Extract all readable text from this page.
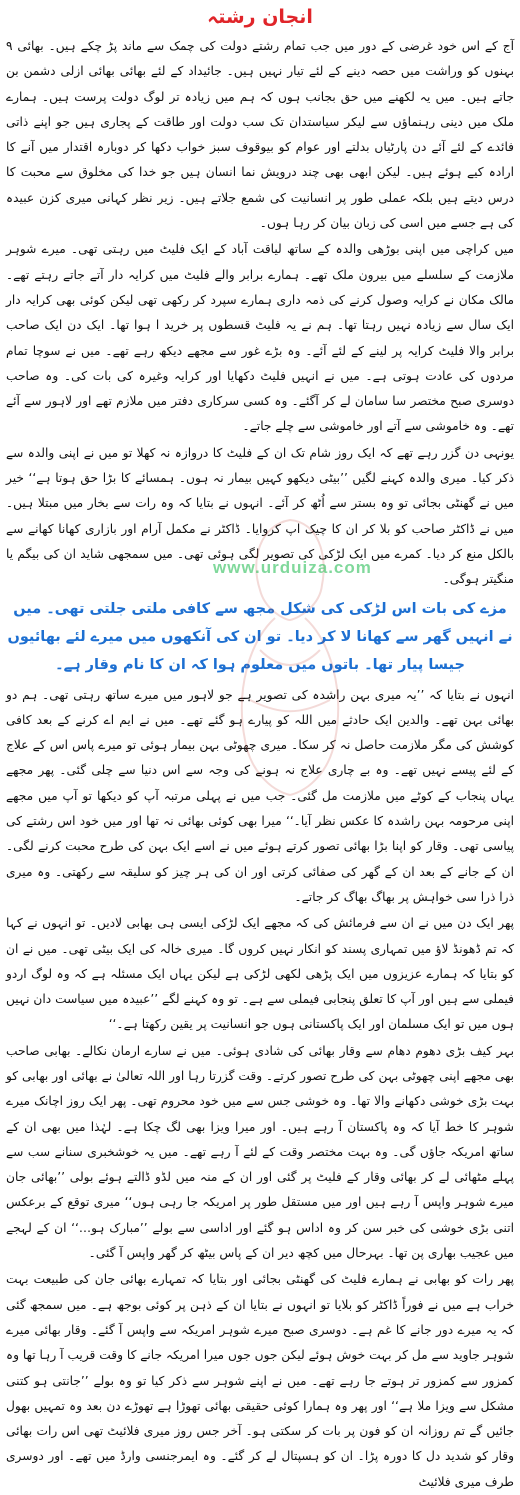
انجان رشتہ

آج کے اس خود غرضی کے دور میں جب تمام رشتے دولت کی چمک سے ماند پڑ چکے ہیں۔ بھائی ۹ بہنوں کو وراشت میں حصہ دینے کے لئے تیار نہیں ہیں۔ جائیداد کے لئے بھائی بھائی ازلی دشمن بن جاتے ہیں۔ میں یہ لکھنے میں حق بجانب ہوں کہ ہم میں زیادہ تر لوگ دولت پرست ہیں۔ ہمارے ملک میں دینی رہنماؤں سے لیکر سیاستدان تک سب دولت اور طاقت کے پجاری ہیں جو اپنے ذاتی فائدے کے لئے آئے دن پارٹیاں بدلتے اور عوام کو بیوقوف سبز خواب دکھا کر دوبارہ اقتدار میں آنے کا ارادہ کیے ہوئے ہیں۔ لیکن ابھی بھی چند درویش نما انسان ہیں جو خدا کی مخلوق سے محبت کا درس دیتے ہیں بلکہ عملی طور پر انسانیت کی شمع جلاتے ہیں۔ زیر نظر کہانی میری کزن عبیدہ کی ہے جسے میں اسی کی زبان بیان کر رہا ہوں۔

میں کراچی میں اپنی بوڑھی والدہ کے ساتھ لیاقت آباد کے ایک فلیٹ میں رہتی تھی۔ میرے شوہر ملازمت کے سلسلے میں بیرون ملک تھے۔ ہمارے برابر والے فلیٹ میں کرایہ دار آتے جاتے رہتے تھے۔ مالک مکان نے کرایہ وصول کرنے کی ذمہ داری ہمارے سپرد کر رکھی تھی لیکن کوئی بھی کرایہ دار ایک سال سے زیادہ نہیں رہتا تھا۔ ہم نے یہ فلیٹ قسطوں پر خرید ا ہوا تھا۔ ایک دن ایک صاحب برابر والا فلیٹ کرایہ پر لینے کے لئے آئے۔ وہ بڑے غور سے مجھے دیکھ رہے تھے۔ میں نے سوچا تمام مردوں کی عادت ہوتی ہے۔ میں نے انہیں فلیٹ دکھایا اور کرایہ وغیرہ کی بات کی۔ وہ صاحب دوسری صبح مختصر سا سامان لے کر آگئے۔ وہ کسی سرکاری دفتر میں ملازم تھے اور لاہور سے آئے تھے۔ وہ خاموشی سے آتے اور خاموشی سے چلے جاتے۔

یونہی دن گزر رہے تھے کہ ایک روز شام تک ان کے فلیٹ کا دروازہ نہ کھلا تو میں نے اپنی والدہ سے ذکر کیا۔ میری والدہ کہنے لگیں ’’بیٹی دیکھو کہیں بیمار نہ ہوں۔ ہمسائے کا بڑا حق ہوتا ہے‘‘ خیر میں نے گھنٹی بجائی تو وہ بستر سے اُٹھ کر آئے۔ انہوں نے بتایا کہ وہ رات سے بخار میں مبتلا ہیں۔ میں نے ڈاکٹر صاحب کو بلا کر ان کا چیک اپ کروایا۔ ڈاکٹر نے مکمل آرام اور بازاری کھانا کھانے سے بالکل منع کر دیا۔ کمرے میں ایک لڑکی کی تصویر لگی ہوئی تھی۔ میں سمجھی شاید ان کی بیگم یا منگیتر ہوگی۔

مزے کی بات اس لڑکی کی شکل مجھ سے کافی ملتی جلتی تھی۔ میں نے انہیں گھر سے کھانا لا کر دیا۔ تو ان کی آنکھوں میں میرے لئے بھائیوں جیسا پیار تھا۔ باتوں میں معلوم ہوا کہ ان کا نام وقار ہے۔

انہوں نے بتایا کہ ’’یہ میری بہن راشدہ کی تصویر ہے جو لاہور میں میرے ساتھ رہتی تھی۔ ہم دو بھائی بہن تھے۔ والدین ایک حادثے میں اللہ کو پیارے ہو گئے تھے۔ میں نے ایم اے کرنے کے بعد کافی کوشش کی مگر ملازمت حاصل نہ کر سکا۔ میری چھوٹی بہن بیمار ہوئی تو میرے پاس اس کے علاج کے لئے پیسے نہیں تھے۔ وہ بے چاری علاج نہ ہونے کی وجہ سے اس دنیا سے چلی گئی۔ پھر مجھے یہاں پنجاب کے کوٹے میں ملازمت مل گئی۔ جب میں نے پہلی مرتبہ آپ کو دیکھا تو آپ میں مجھے اپنی مرحومہ بہن راشدہ کا عکس نظر آیا۔‘‘ میرا بھی کوئی بھائی نہ تھا اور میں خود اس رشتے کی پیاسی تھی۔ وقار کو اپنا بڑا بھائی تصور کرتے ہوئے میں نے اسے ایک بہن کی طرح محبت کرنے لگی۔ ان کے جانے کے بعد ان کے گھر کی صفائی کرتی اور ان کی ہر چیز کو سلیقہ سے رکھتی۔ وہ میری ذرا ذرا سی خواہش پر بھاگ بھاگ کر جاتے۔

پھر ایک دن میں نے ان سے فرمائش کی کہ مجھے ایک لڑکی ایسی ہی بھابی لادیں۔ تو انہوں نے کہا کہ تم ڈھونڈ لاؤ میں تمہاری پسند کو انکار نہیں کروں گا۔ میری خالہ کی ایک بیٹی تھی۔ میں نے ان کو بتایا کہ ہمارے عزیزوں میں ایک پڑھی لکھی لڑکی ہے لیکن یہاں ایک مسئلہ ہے کہ وہ لوگ اردو فیملی سے ہیں اور آپ کا تعلق پنجابی فیملی سے ہے۔ تو وہ کہنے لگے ’’عبیدہ میں سیاست دان نہیں ہوں میں تو ایک مسلمان اور ایک پاکستانی ہوں جو انسانیت پر یقین رکھتا ہے۔‘‘

بہر کیف بڑی دھوم دھام سے وقار بھائی کی شادی ہوئی۔ میں نے سارے ارمان نکالے۔ بھابی صاحب بھی مجھے اپنی چھوٹی بہن کی طرح تصور کرتے۔ وقت گزرتا رہا اور اللہ تعالیٰ نے بھائی اور بھابی کو بہت بڑی خوشی دکھانے والا تھا۔ وہ خوشی جس سے میں خود محروم تھی۔ پھر ایک روز اچانک میرے شوہر کا خط آیا کہ وہ پاکستان آ رہے ہیں۔ اور میرا ویزا بھی لگ چکا ہے۔ لہٰذا میں بھی ان کے ساتھ امریکہ جاؤں گی۔ وہ بہت مختصر وقت کے لئے آ رہے تھے۔ میں یہ خوشخبری سنانے سب سے پہلے مٹھائی لے کر بھائی وقار کے فلیٹ پر گئی اور ان کے منہ میں لڈو ڈالتے ہوئے بولی ’’بھائی جان میرے شوہر واپس آ رہے ہیں اور میں مستقل طور پر امریکہ جا رہی ہوں‘‘ میری توقع کے برعکس اتنی بڑی خوشی کی خبر سن کر وہ اداس ہو گئے اور اداسی سے بولے ’’مبارک ہو…‘‘ ان کے لہجے میں عجیب بھاری پن تھا۔ بہرحال میں کچھ دیر ان کے پاس بیٹھ کر گھر واپس آ گئی۔

پھر رات کو بھابی نے ہمارے فلیٹ کی گھنٹی بجائی اور بتایا کہ تمہارے بھائی جان کی طبیعت بہت خراب ہے میں نے فوراً ڈاکٹر کو بلایا تو انہوں نے بتایا ان کے ذہن پر کوئی بوجھ ہے۔ میں سمجھ گئی کہ یہ میرے دور جانے کا غم ہے۔ دوسری صبح میرے شوہر امریکہ سے واپس آ گئے۔ وقار بھائی میرے شوہر جاوید سے مل کر بہت خوش ہوئے لیکن جوں جوں میرا امریکہ جانے کا وقت قریب آ رہا تھا وہ کمزور سے کمزور تر ہوتے جا رہے تھے۔ میں نے اپنے شوہر سے ذکر کیا تو وہ بولے ’’جانتی ہو کتنی مشکل سے ویزا ملا ہے‘‘ اور پھر وہ ہمارا کوئی حقیقی بھائی تھوڑا ہے تھوڑے دن بعد وہ تمہیں بھول جائیں گے تم روزانہ ان کو فون پر بات کر سکتی ہو۔ آخر جس روز میری فلائیٹ تھی اس رات بھائی وقار کو شدید دل کا دورہ پڑا۔ ان کو ہسپتال لے کر گئے۔ وہ ایمرجنسی وارڈ میں تھے۔ اور دوسری طرف میری فلائیٹ

www.urduiza.com
